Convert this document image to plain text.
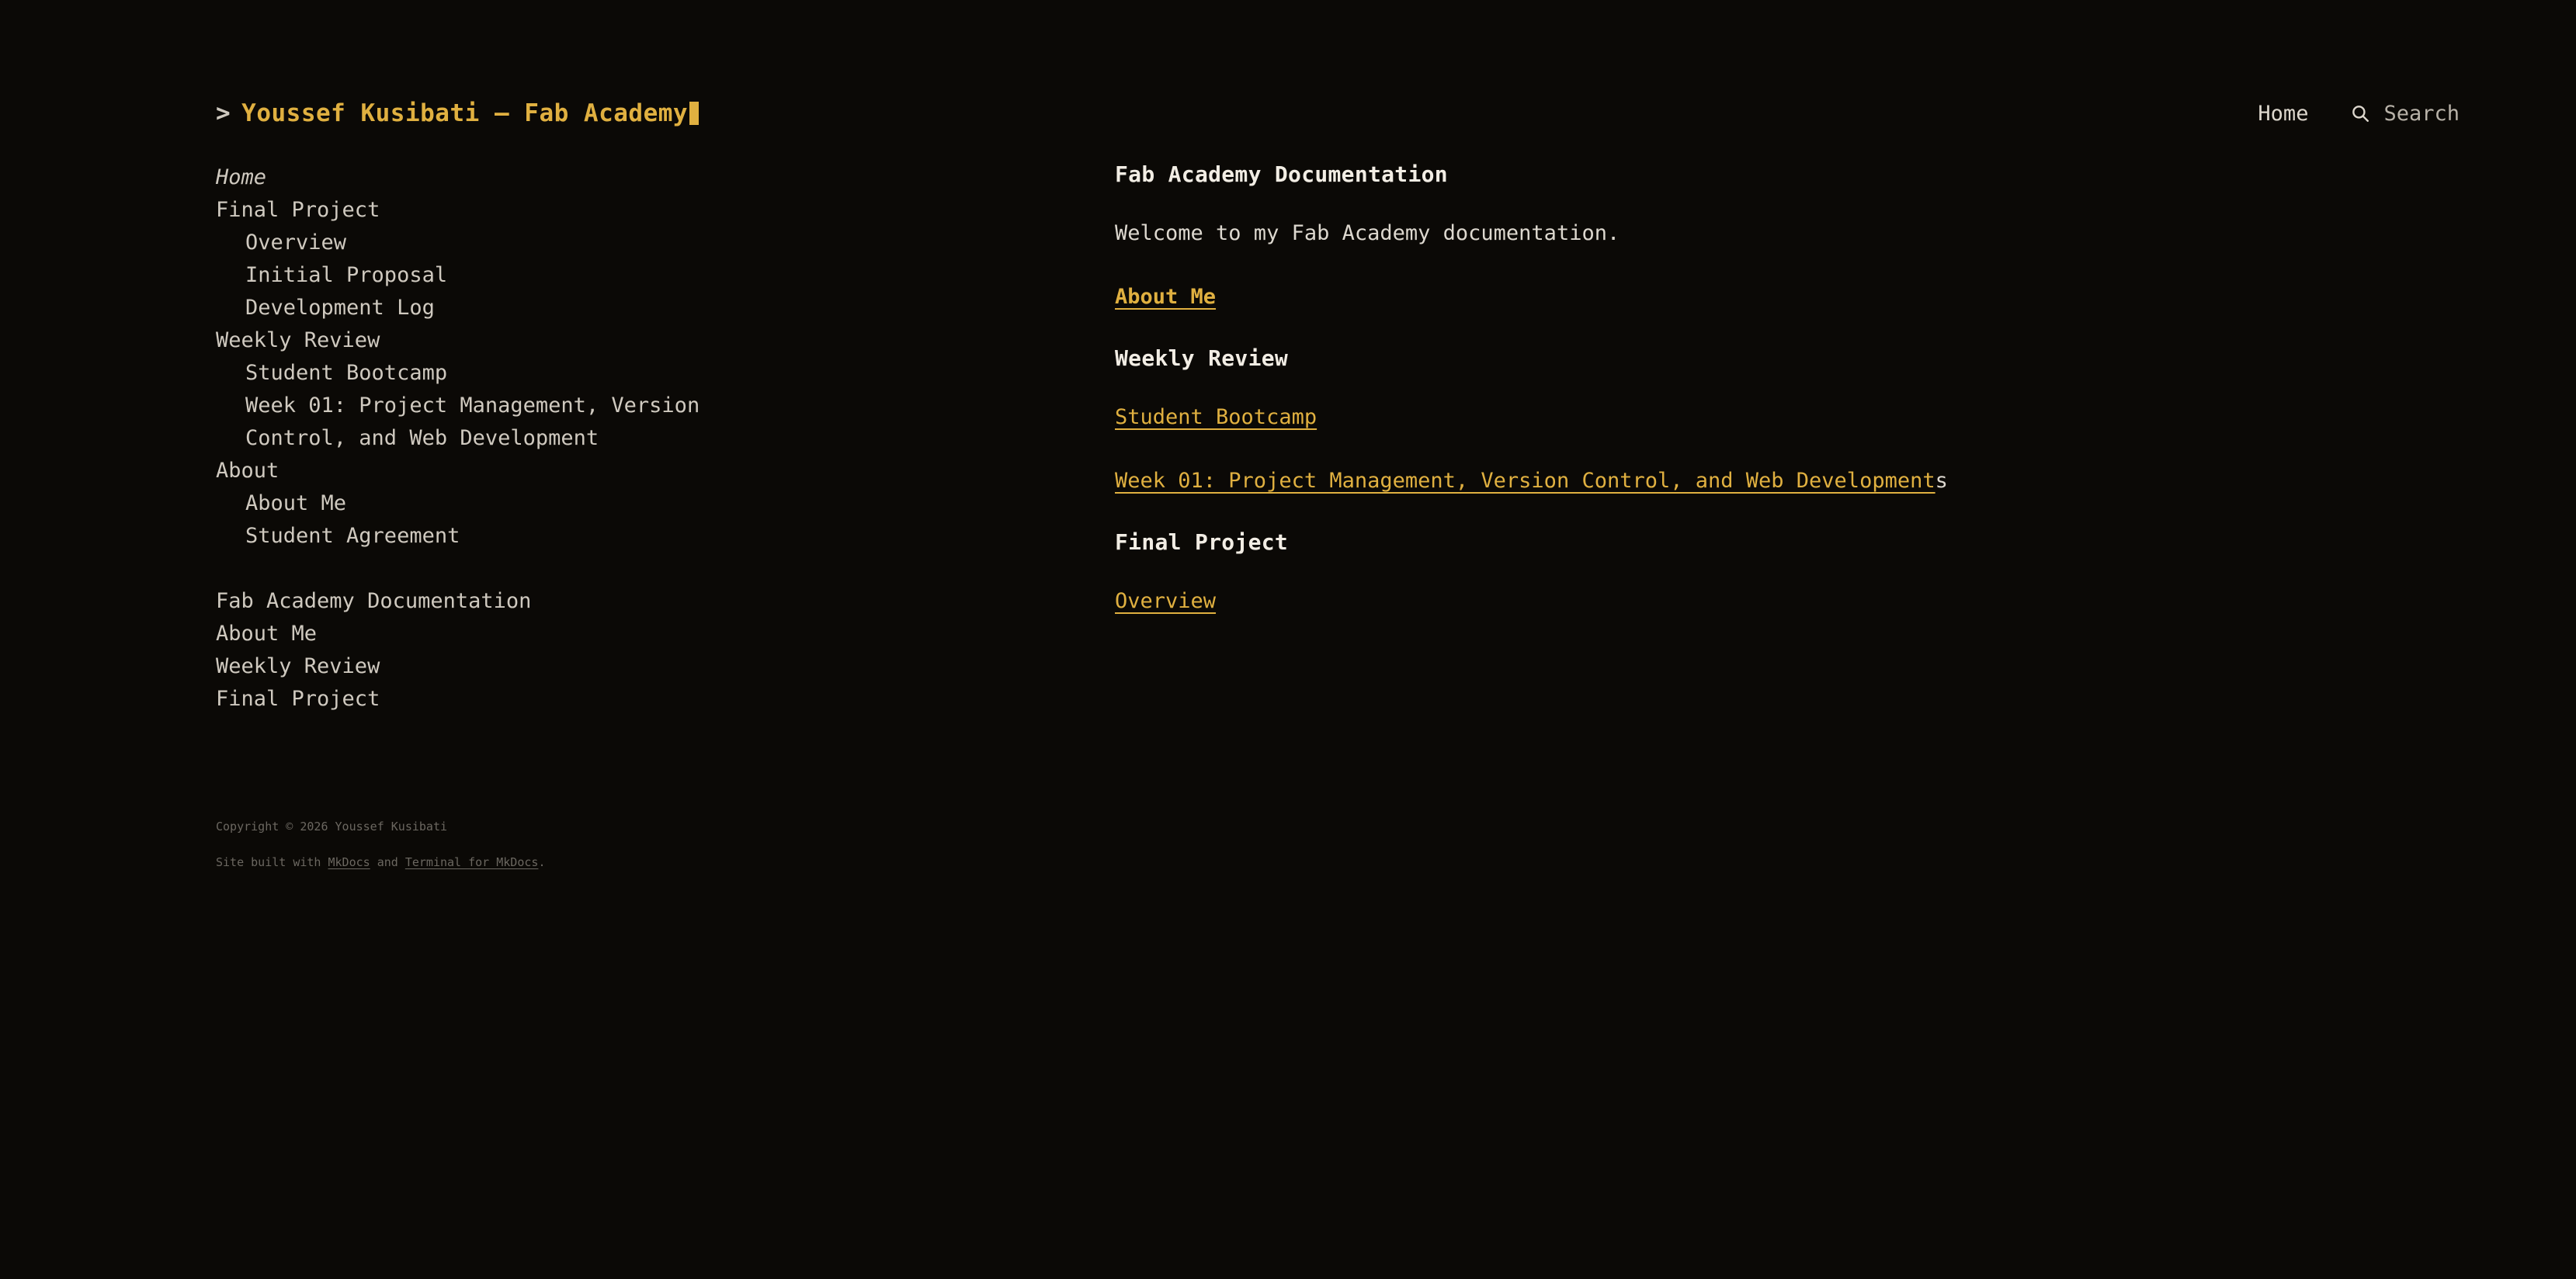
> Youssef Kusibati — Fab Academy	Home	Search
Home
Final Project
Overview
Initial Proposal
Development Log
Weekly Review
Student Bootcamp
Week 01: Project Management, Version Control, and Web Development
About
About Me
Student Agreement
Fab Academy Documentation
About Me
Weekly Review
Final Project
Fab Academy Documentation

Welcome to my Fab Academy documentation.

About Me

Weekly Review

Student Bootcamp

Week 01: Project Management, Version Control, and Web Developments

Final Project

Overview

Copyright © 2026 Youssef Kusibati
Site built with MkDocs and Terminal for MkDocs.
